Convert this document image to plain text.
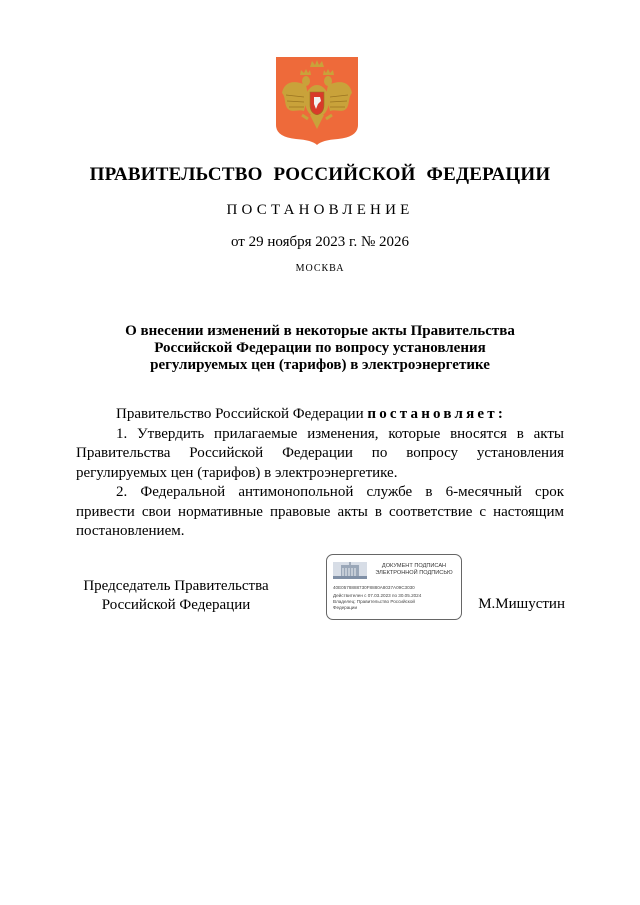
ПРАВИТЕЛЬСТВО РОССИЙСКОЙ ФЕДЕРАЦИИ
ПОСТАНОВЛЕНИЕ
от 29 ноября 2023 г. № 2026
МОСКВА
О внесении изменений в некоторые акты Правительства
Российской Федерации по вопросу установления
регулируемых цен (тарифов) в электроэнергетике

Правительство Российской Федерации постановляет:

1. Утвердить прилагаемые изменения, которые вносятся в акты Правительства Российской Федерации по вопросу установления регулируемых цен (тарифов) в электроэнергетике.

2. Федеральной антимонопольной службе в 6-месячный срок привести свои нормативные правовые акты в соответствие с настоящим постановлением.

Председатель Правительства
Российской Федерации
ДОКУМЕНТ ПОДПИСАН
ЭЛЕКТРОННОЙ ПОДПИСЬЮ
40E0578888730F8880A8037A09C3030
Действителен с 07.03.2023 по 30.05.2024
Владелец: Правительство Российской
Федерации	М.Мишустин
